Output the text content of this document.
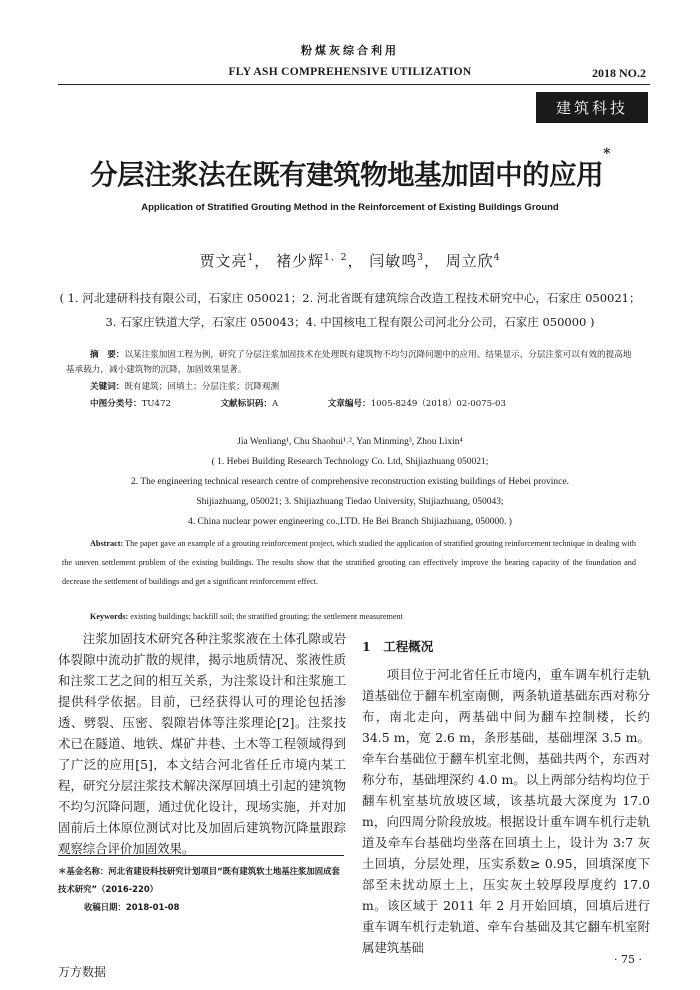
粉煤灰综合利用
FLY ASH COMPREHENSIVE UTILIZATION	2018 NO.2
建筑科技
分层注浆法在既有建筑物地基加固中的应用*
Application of Stratified Grouting Method in the Reinforcement of Existing Buildings Ground
贾文亮$^1$， 褚少辉$^{1、2}$， 闫敏鸣$^3$， 周立欣$^4$
( 1. 河北建研科技有限公司，石家庄 050021；2. 河北省既有建筑综合改造工程技术研究中心，石家庄 050021；
3. 石家庄铁道大学，石家庄 050043；4. 中国核电工程有限公司河北分公司，石家庄 050000 )
摘　要：以某注浆加固工程为例，研究了分层注浆加固技术在处理既有建筑物不均匀沉降问题中的应用。结果显示，分层注浆可以有效的提高地基承载力，减小建筑物的沉降，加固效果显著。
关键词：既有建筑；回填土；分层注浆；沉降观测
中图分类号：TU472	文献标识码：A	文章编号：1005-8249（2018）02-0075-03
Jia Wenliang¹, Chu Shaohui¹˒², Yan Minming³, Zhou Lixin⁴
( 1. Hebei Building Research Technology Co. Ltd, Shijiazhuang 050021;
2. The engineering technical research centre of comprehensive reconstruction existing buildings of Hebei province.
Shijiazhuang, 050021; 3. Shijiazhuang Tiedao University, Shijiazhuang, 050043;
4. China nuclear power engineering co.,LTD. He Bei Branch Shijiazhuang, 050000. )
Abstract: The paper gave an example of a grouting reinforcement project, which studied the application of stratified grouting reinforcement technique in dealing with the uneven settlement problem of the existing buildings. The results show that the stratified grouting can effectively improve the bearing capacity of the foundation and decrease the settlement of buildings and get a significant reinforcement effect.
Keywords: existing buildings; backfill soil; the stratified grouting; the settlement measurement

注浆加固技术研究各种注浆浆液在土体孔隙或岩体裂隙中流动扩散的规律，揭示地质情况、浆液性质和注浆工艺之间的相互关系，为注浆设计和注浆施工提供科学依据。目前，已经获得认可的理论包括渗透、劈裂、压密、裂隙岩体等注浆理论[2]。注浆技术已在隧道、地铁、煤矿井巷、土木等工程领域得到了广泛的应用[5]，本文结合河北省任丘市境内某工程，研究分层注浆技术解决深厚回填土引起的建筑物不均匀沉降问题，通过优化设计，现场实施，并对加固前后土体原位测试对比及加固后建筑物沉降量跟踪观察综合评价加固效果。

1　工程概况

项目位于河北省任丘市境内，重车调车机行走轨道基础位于翻车机室南侧，两条轨道基础东西对称分布，南北走向，两基础中间为翻车控制楼，长约 34.5 m，宽 2.6 m，条形基础，基础埋深 3.5 m。牵车台基础位于翻车机室北侧，基础共两个，东西对称分布，基础埋深约 4.0 m。以上两部分结构均位于翻车机室基坑放坡区域，该基坑最大深度为 17.0 m，向四周分阶段放坡。根据设计重车调车机行走轨道及牵车台基础均坐落在回填土上，设计为 3:7 灰土回填，分层处理，压实系数≥ 0.95，回填深度下部至未扰动原土上，压实灰土较厚段厚度约 17.0 m。该区域于 2011 年 2 月开始回填，回填后进行重车调车机行走轨道、牵车台基础及其它翻车机室附属建筑基础

＊基金名称：河北省建设科技研究计划项目“既有建筑软土地基注浆加固成套技术研究”（2016-220）
收稿日期：2018-01-08
· 75 ·
万方数据
